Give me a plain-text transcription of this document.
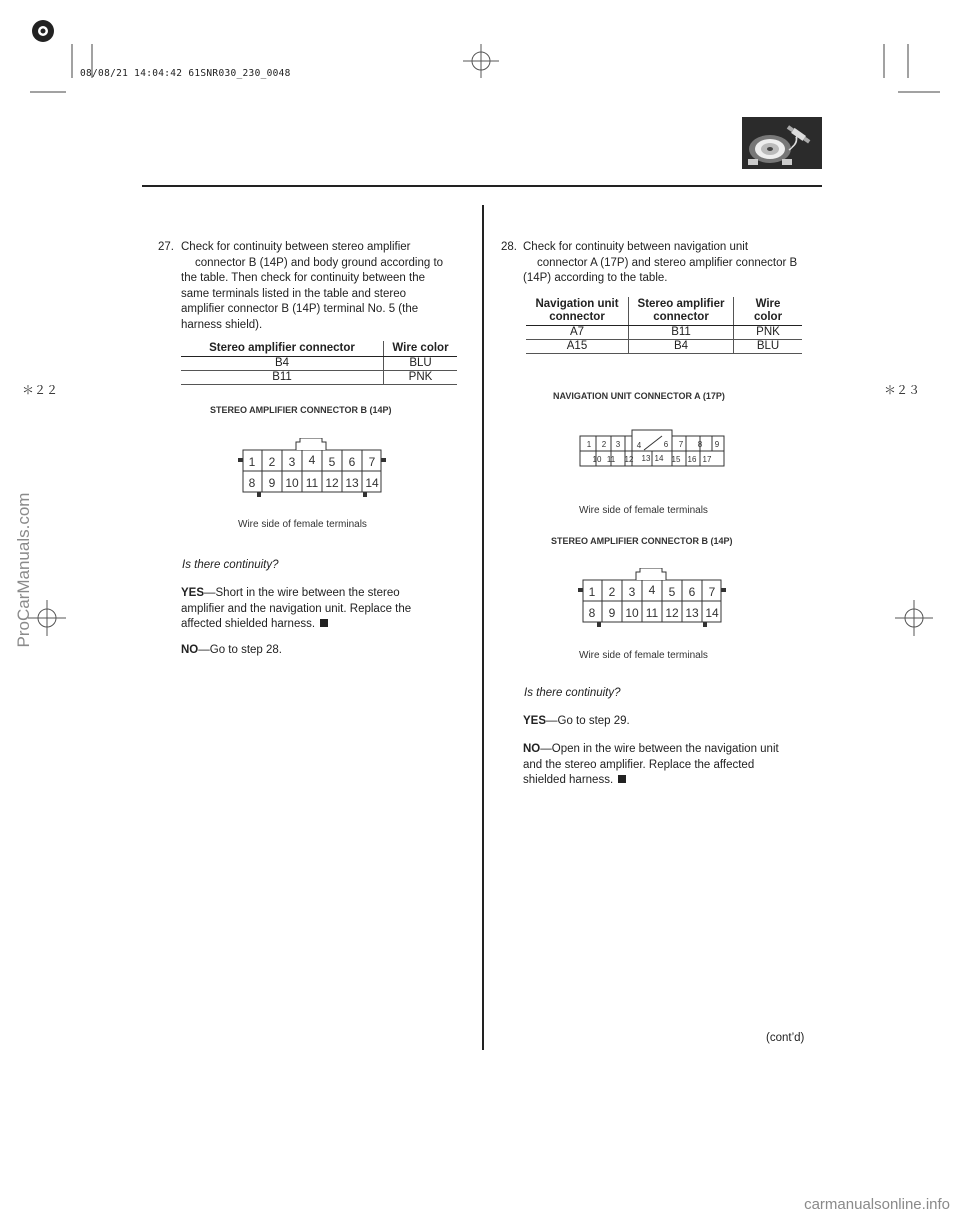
08/08/21 14:04:42 61SNR030_230_0048
＊２２	＊２３
27. Check for continuity between stereo amplifier
connector B (14P) and body ground according to
the table. Then check for continuity between the
same terminals listed in the table and stereo
amplifier connector B (14P) terminal No. 5 (the
harness shield).
Stereo amplifier connector	Wire color
B4	BLU
B11	PNK
STEREO AMPLIFIER CONNECTOR B (14P)
1 2 3 4 5 6 7
8 9 10 11 12 13 14
Wire side of female terminals
Is there continuity?
YES—Short in the wire between the stereo
amplifier and the navigation unit. Replace the
affected shielded harness.
NO—Go to step 28.
28. Check for continuity between navigation unit
connector A (17P) and stereo amplifier connector B
(14P) according to the table.
Navigation unit connector	Stereo amplifier connector	Wire color
A7	B11	PNK
A15	B4	BLU
NAVIGATION UNIT CONNECTOR A (17P)
1 2 3 4	6 7 8 9
10 11 12 13 14 15 16 17
Wire side of female terminals
STEREO AMPLIFIER CONNECTOR B (14P)
1 2 3 4 5 6 7
8 9 10 11 12 13 14
Wire side of female terminals
Is there continuity?
YES—Go to step 29.
NO—Open in the wire between the navigation unit
and the stereo amplifier. Replace the affected
shielded harness.
(cont’d)
ProCarManuals.com
carmanualsonline.info
